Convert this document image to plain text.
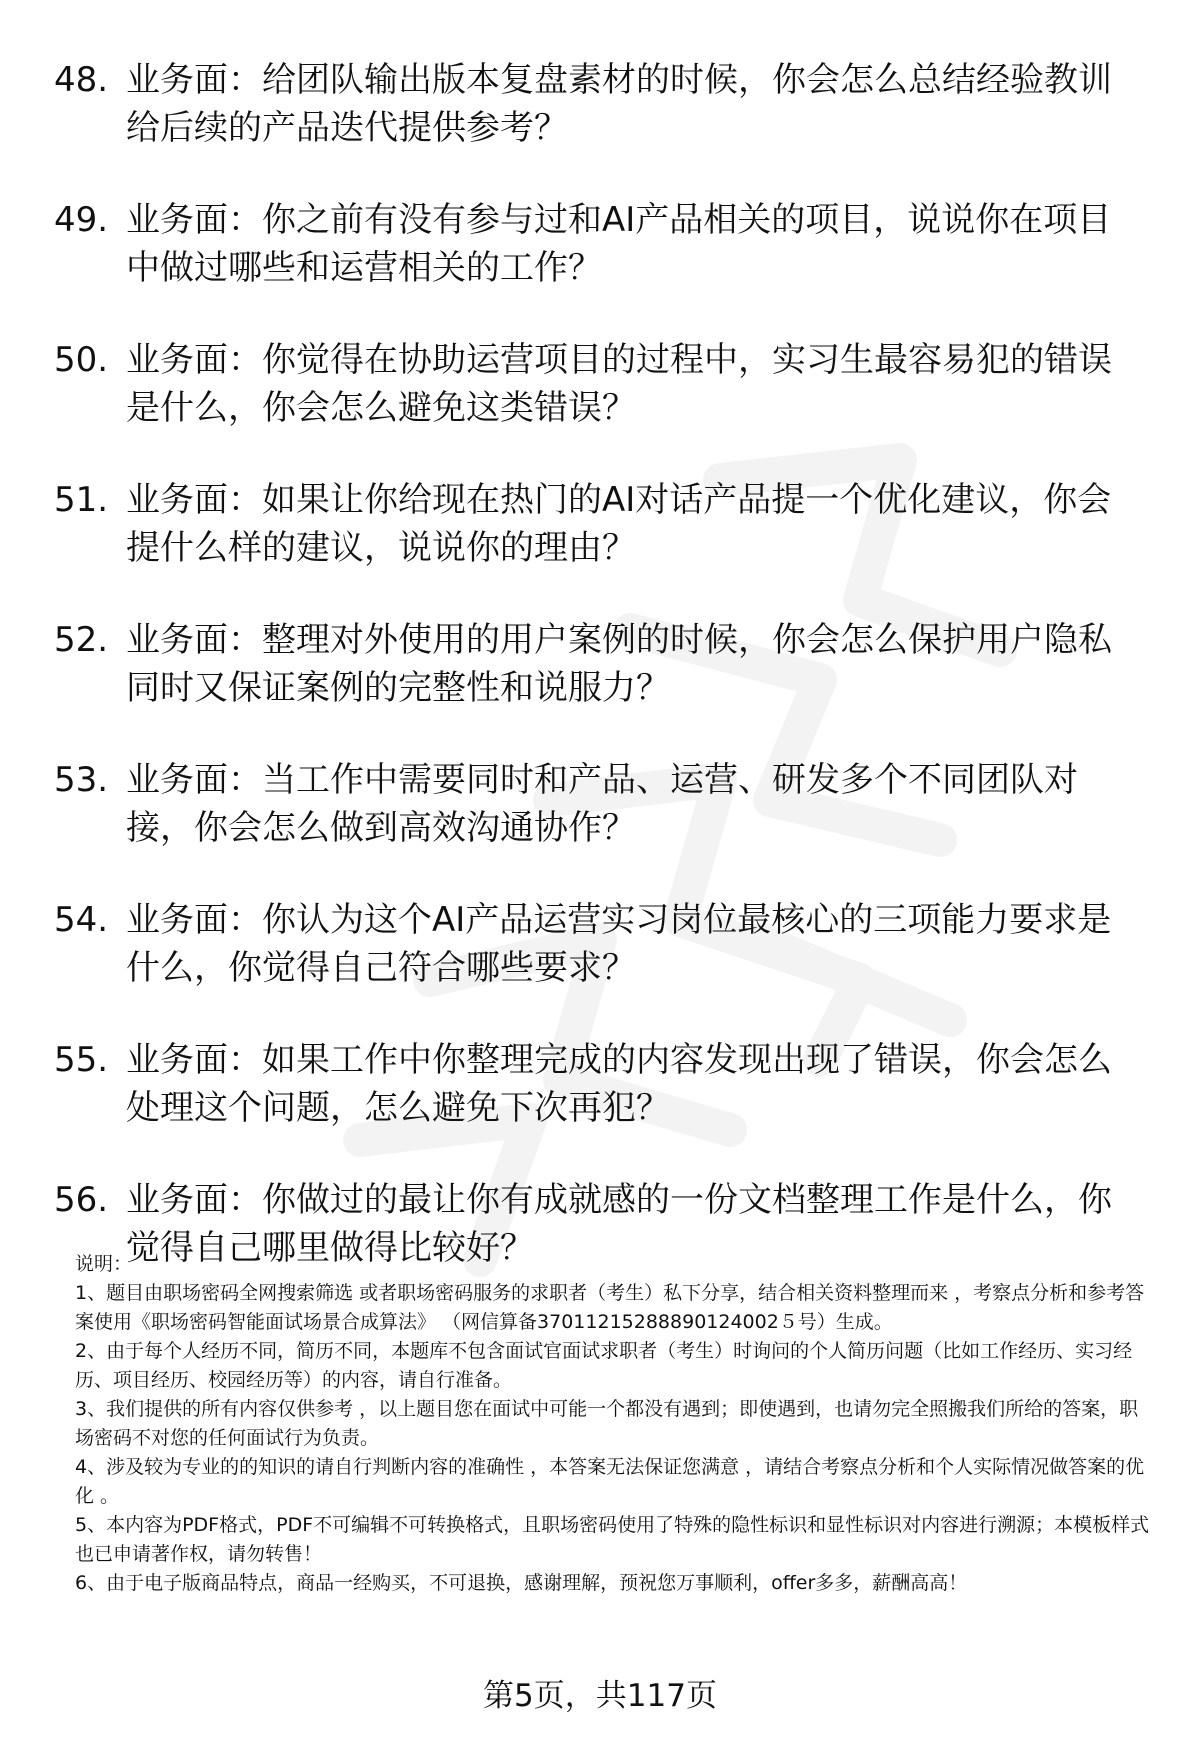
48. 业务面：给团队输出版本复盘素材的时候，你会怎么总结经验教训给后续的产品迭代提供参考？
49. 业务面：你之前有没有参与过和AI产品相关的项目，说说你在项目中做过哪些和运营相关的工作？
50. 业务面：你觉得在协助运营项目的过程中，实习生最容易犯的错误是什么，你会怎么避免这类错误？
51. 业务面：如果让你给现在热门的AI对话产品提一个优化建议，你会提什么样的建议，说说你的理由？
52. 业务面：整理对外使用的用户案例的时候，你会怎么保护用户隐私同时又保证案例的完整性和说服力？
53. 业务面：当工作中需要同时和产品、运营、研发多个不同团队对接，你会怎么做到高效沟通协作？
54. 业务面：你认为这个AI产品运营实习岗位最核心的三项能力要求是什么，你觉得自己符合哪些要求？
55. 业务面：如果工作中你整理完成的内容发现出现了错误，你会怎么处理这个问题，怎么避免下次再犯？
56. 业务面：你做过的最让你有成就感的一份文档整理工作是什么，你觉得自己哪里做得比较好？
说明：
1、题目由职场密码全网搜索筛选 或者职场密码服务的求职者（考生）私下分享，结合相关资料整理而来 ，考察点分析和参考答案使用《职场密码智能面试场景合成算法》 （网信算备37011215288890124002５号）生成。
2、由于每个人经历不同，简历不同，本题库不包含面试官面试求职者（考生）时询问的个人简历问题（比如工作经历、实习经历、项目经历、校园经历等）的内容，请自行准备。
3、我们提供的所有内容仅供参考 ，以上题目您在面试中可能一个都没有遇到；即使遇到，也请勿完全照搬我们所给的答案，职场密码不对您的任何面试行为负责。
4、涉及较为专业的的知识的请自行判断内容的准确性 ，本答案无法保证您满意 ，请结合考察点分析和个人实际情况做答案的优化 。
5、本内容为PDF格式，PDF不可编辑不可转换格式，且职场密码使用了特殊的隐性标识和显性标识对内容进行溯源；本模板样式也已申请著作权，请勿转售！
6、由于电子版商品特点，商品一经购买，不可退换，感谢理解，预祝您万事顺利，offer多多，薪酬高高！
第5页，共117页
